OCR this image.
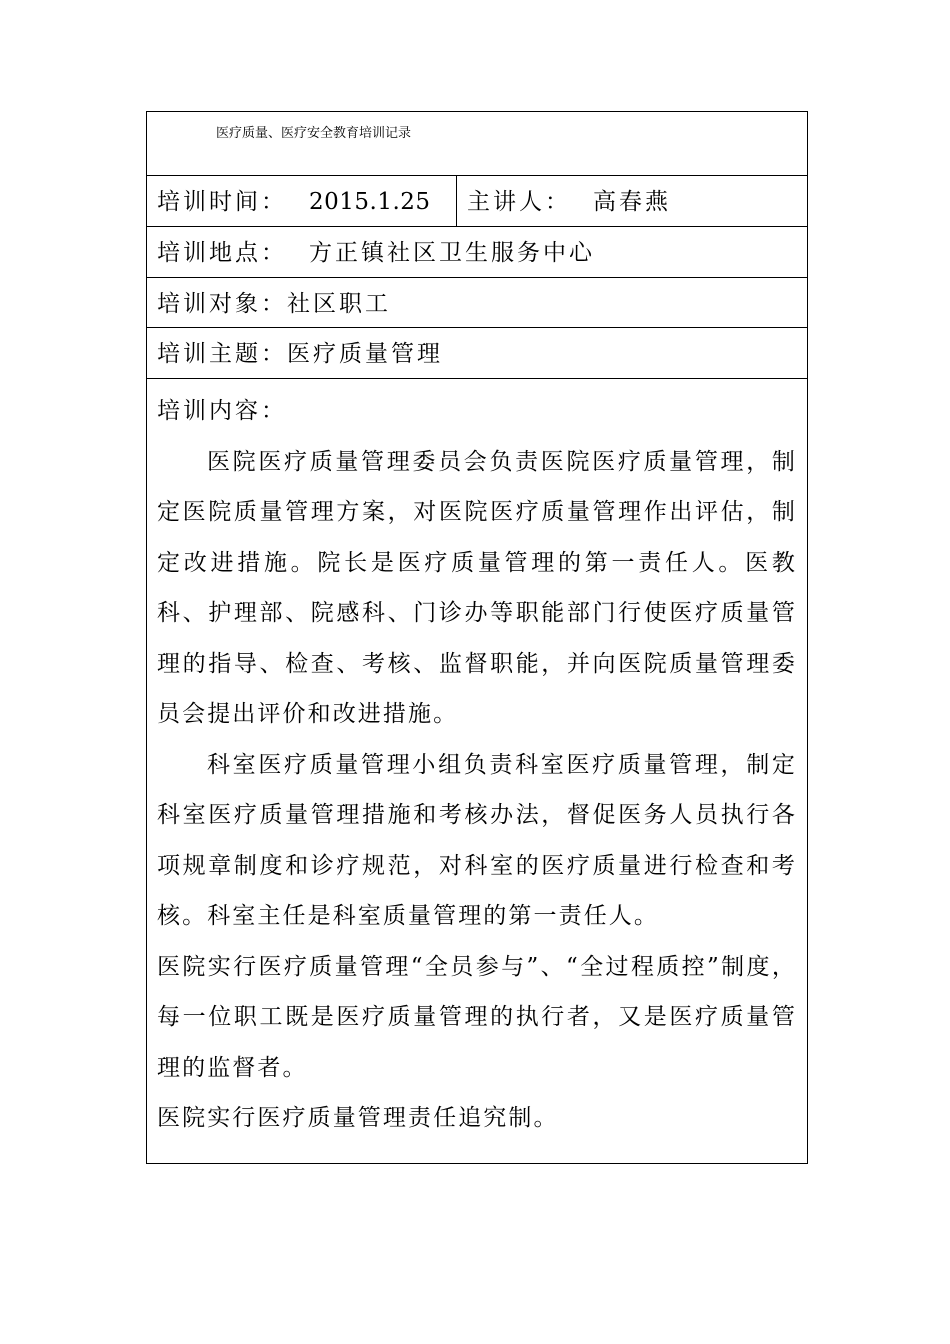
医疗质量、医疗安全教育培训记录
培训时间： 2015.1.25 主讲人： 高春燕
培训地点： 方正镇社区卫生服务中心
培训对象：社区职工
培训主题：医疗质量管理

培训内容：

医院医疗质量管理委员会负责医院医疗质量管理，制定医院质量管理方案，对医院医疗质量管理作出评估，制定改进措施。院长是医疗质量管理的第一责任人。医教科、护理部、院感科、门诊办等职能部门行使医疗质量管理的指导、检查、考核、监督职能，并向医院质量管理委员会提出评价和改进措施。

科室医疗质量管理小组负责科室医疗质量管理，制定科室医疗质量管理措施和考核办法，督促医务人员执行各项规章制度和诊疗规范，对科室的医疗质量进行检查和考核。科室主任是科室质量管理的第一责任人。

医院实行医疗质量管理“全员参与”、“全过程质控”制度，每一位职工既是医疗质量管理的执行者，又是医疗质量管理的监督者。

医院实行医疗质量管理责任追究制。
